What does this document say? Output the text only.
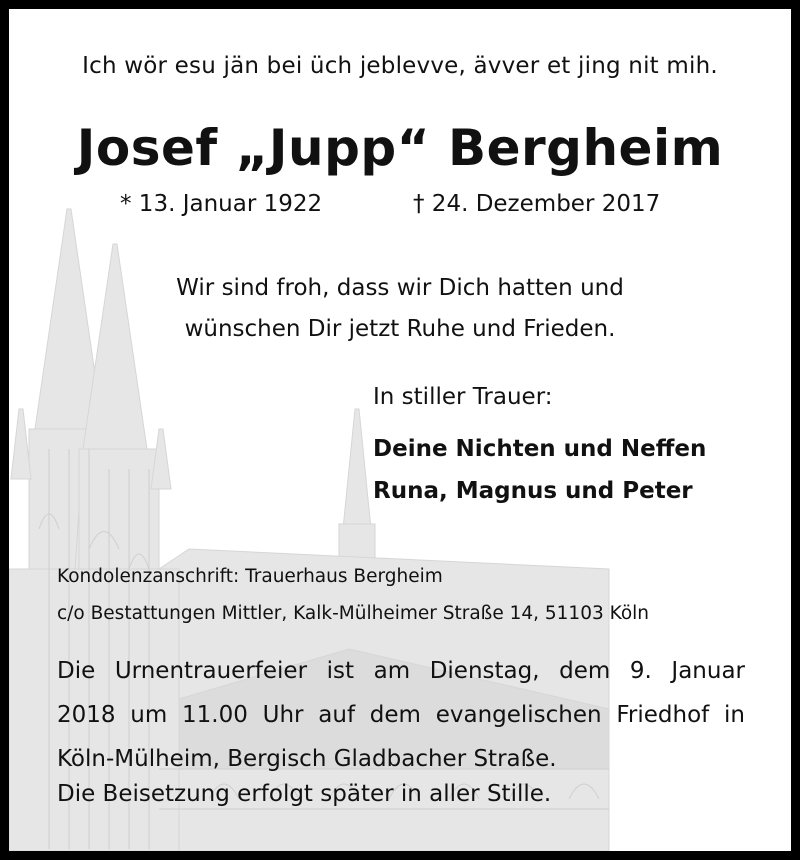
Ich wör esu jän bei üch jeblevve, ävver et jing nit mih.

Josef „Jupp“ Bergheim

* 13. Januar 1922	† 24. Dezember 2017

Wir sind froh, dass wir Dich hatten und

wünschen Dir jetzt Ruhe und Frieden.

In stiller Trauer:

Deine Nichten und Neffen

Runa, Magnus und Peter

Kondolenzanschrift: Trauerhaus Bergheim

c/o Bestattungen Mittler, Kalk-Mülheimer Straße 14, 51103 Köln

Die Urnentrauerfeier ist am Dienstag, dem 9. Januar
2018 um 11.00 Uhr auf dem evangelischen Friedhof in
Köln-Mülheim, Bergisch Gladbacher Straße.

Die Beisetzung erfolgt später in aller Stille.
